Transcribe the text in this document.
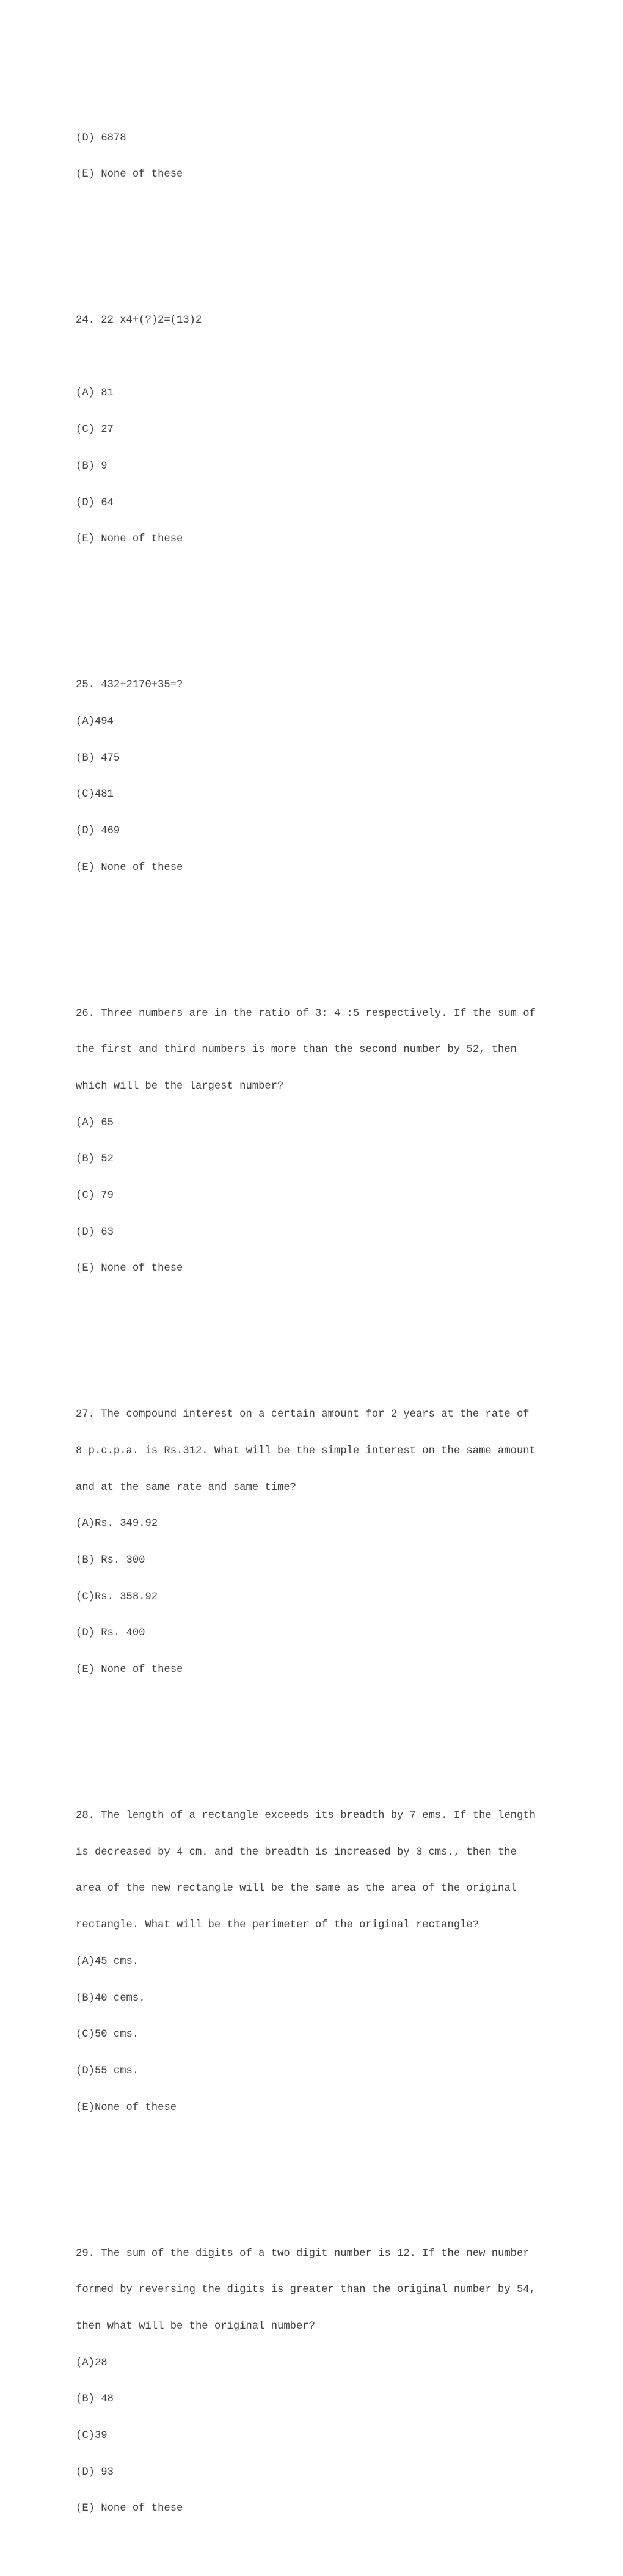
(D) 6878

(E) None of these

24. 22 x4+(?)2=(13)2

(A) 81

(C) 27

(B) 9

(D) 64

(E) None of these

25. 432+2170+35=?

(A)494

(B) 475

(C)481

(D) 469

(E) None of these

26. Three numbers are in the ratio of 3: 4 :5 respectively. If the sum of

the first and third numbers is more than the second number by 52, then

which will be the largest number?

(A) 65

(B) 52

(C) 79

(D) 63

(E) None of these

27. The compound interest on a certain amount for 2 years at the rate of

8 p.c.p.a. is Rs.312. What will be the simple interest on the same amount

and at the same rate and same time?

(A)Rs. 349.92

(B) Rs. 300

(C)Rs. 358.92

(D) Rs. 400

(E) None of these

28. The length of a rectangle exceeds its breadth by 7 ems. If the length

is decreased by 4 cm. and the breadth is increased by 3 cms., then the

area of the new rectangle will be the same as the area of the original

rectangle. What will be the perimeter of the original rectangle?

(A)45 cms.

(B)40 cems.

(C)50 cms.

(D)55 cms.

(E)None of these

29. The sum of the digits of a two digit number is 12. If the new number

formed by reversing the digits is greater than the original number by 54,

then what will be the original number?

(A)28

(B) 48

(C)39

(D) 93

(E) None of these
